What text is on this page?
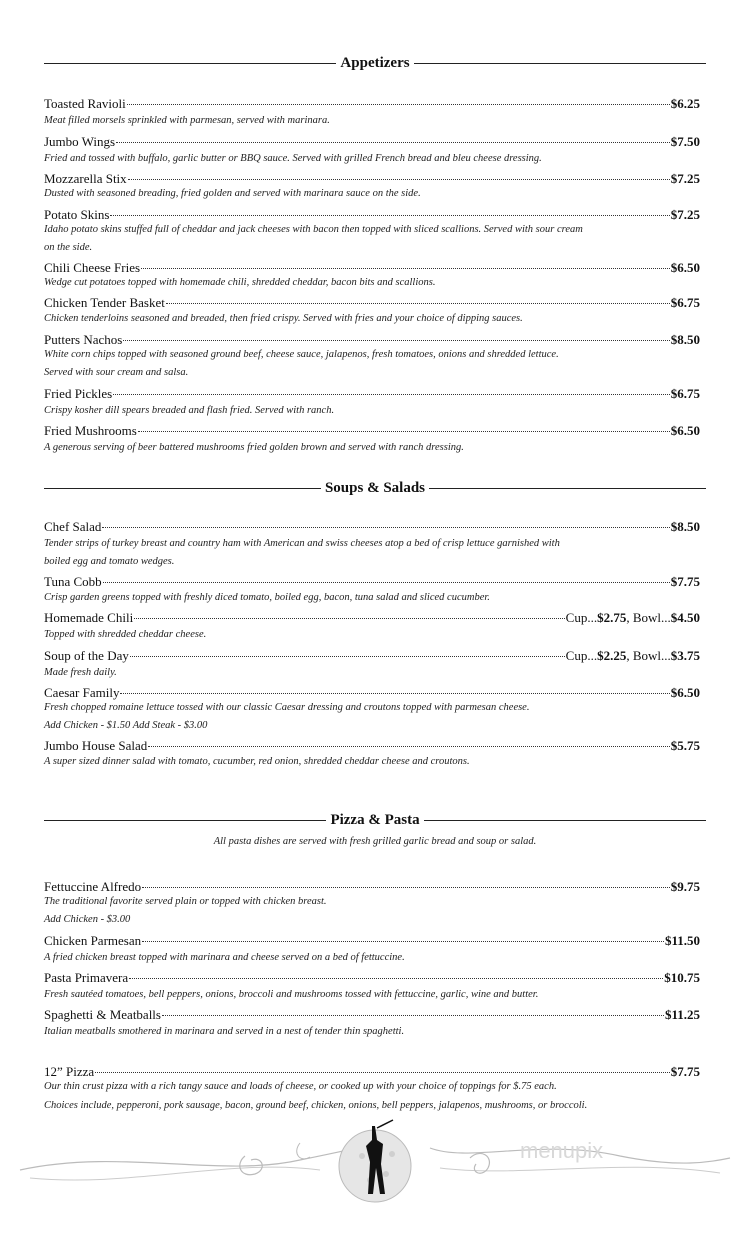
Appetizers
Toasted Ravioli	$6.25
Meat filled morsels sprinkled with parmesan, served with marinara.
Jumbo Wings	$7.50
Fried and tossed with buffalo, garlic butter or BBQ sauce. Served with grilled French bread and bleu cheese dressing.
Mozzarella Stix	$7.25
Dusted with seasoned breading, fried golden and served with marinara sauce on the side.
Potato Skins	$7.25
Idaho potato skins stuffed full of cheddar and jack cheeses with bacon then topped with sliced scallions. Served with sour cream on the side.
Chili Cheese Fries	$6.50
Wedge cut potatoes topped with homemade chili, shredded cheddar, bacon bits and scallions.
Chicken Tender Basket	$6.75
Chicken tenderloins seasoned and breaded, then fried crispy. Served with fries and your choice of dipping sauces.
Putters Nachos	$8.50
White corn chips topped with seasoned ground beef, cheese sauce, jalapenos, fresh tomatoes, onions and shredded lettuce. Served with sour cream and salsa.
Fried Pickles	$6.75
Crispy kosher dill spears breaded and flash fried. Served with ranch.
Fried Mushrooms	$6.50
A generous serving of beer battered mushrooms fried golden brown and served with ranch dressing.
Soups & Salads
Chef Salad	$8.50
Tender strips of turkey breast and country ham with American and swiss cheeses atop a bed of crisp lettuce garnished with boiled egg and tomato wedges.
Tuna Cobb	$7.75
Crisp garden greens topped with freshly diced tomato, boiled egg, bacon, tuna salad and sliced cucumber.
Homemade Chili	Cup... $2.75 , Bowl... $4.50
Topped with shredded cheddar cheese.
Soup of the Day	Cup... $2.25 , Bowl... $3.75
Made fresh daily.
Caesar Family	$6.50
Fresh chopped romaine lettuce tossed with our classic Caesar dressing and croutons topped with parmesan cheese.
Add Chicken - $1.50 Add Steak - $3.00
Jumbo House Salad	$5.75
A super sized dinner salad with tomato, cucumber, red onion, shredded cheddar cheese and croutons.
Pizza & Pasta
All pasta dishes are served with fresh grilled garlic bread and soup or salad.
Fettuccine Alfredo	$9.75
The traditional favorite served plain or topped with chicken breast.
Add Chicken - $3.00
Chicken Parmesan	$11.50
A fried chicken breast topped with marinara and cheese served on a bed of fettuccine.
Pasta Primavera	$10.75
Fresh sautéed tomatoes, bell peppers, onions, broccoli and mushrooms tossed with fettuccine, garlic, wine and butter.
Spaghetti & Meatballs	$11.25
Italian meatballs smothered in marinara and served in a nest of tender thin spaghetti.
12” Pizza	$7.75
Our thin crust pizza with a rich tangy sauce and loads of cheese, or cooked up with your choice of toppings for $.75 each.
Choices include, pepperoni, pork sausage, bacon, ground beef, chicken, onions, bell peppers, jalapenos, mushrooms, or broccoli.
menupix
